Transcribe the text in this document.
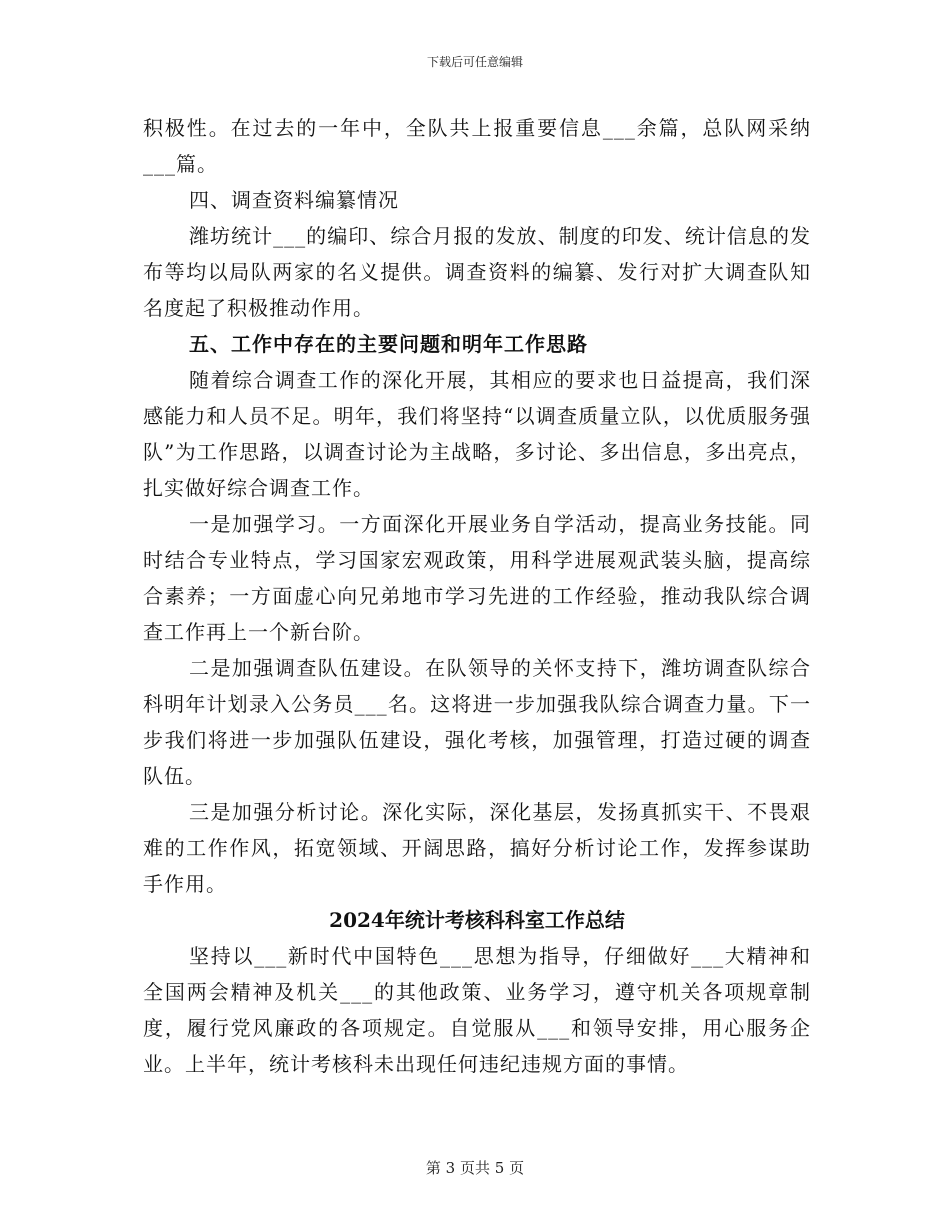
下载后可任意编辑

积极性。在过去的一年中，全队共上报重要信息___余篇，总队网采纳___篇。

四、调查资料编纂情况

潍坊统计___的编印、综合月报的发放、制度的印发、统计信息的发布等均以局队两家的名义提供。调查资料的编纂、发行对扩大调查队知名度起了积极推动作用。

五、工作中存在的主要问题和明年工作思路

随着综合调查工作的深化开展，其相应的要求也日益提高，我们深感能力和人员不足。明年，我们将坚持“以调查质量立队，以优质服务强队”为工作思路，以调查讨论为主战略，多讨论、多出信息，多出亮点，扎实做好综合调查工作。

一是加强学习。一方面深化开展业务自学活动，提高业务技能。同时结合专业特点，学习国家宏观政策，用科学进展观武装头脑，提高综合素养；一方面虚心向兄弟地市学习先进的工作经验，推动我队综合调查工作再上一个新台阶。

二是加强调查队伍建设。在队领导的关怀支持下，潍坊调查队综合科明年计划录入公务员___名。这将进一步加强我队综合调查力量。下一步我们将进一步加强队伍建设，强化考核，加强管理，打造过硬的调查队伍。

三是加强分析讨论。深化实际，深化基层，发扬真抓实干、不畏艰难的工作作风，拓宽领域、开阔思路，搞好分析讨论工作，发挥参谋助手作用。

2024年统计考核科科室工作总结

坚持以___新时代中国特色___思想为指导，仔细做好___大精神和全国两会精神及机关___的其他政策、业务学习，遵守机关各项规章制度，履行党风廉政的各项规定。自觉服从___和领导安排，用心服务企业。上半年，统计考核科未出现任何违纪违规方面的事情。

第 3 页共 5 页
